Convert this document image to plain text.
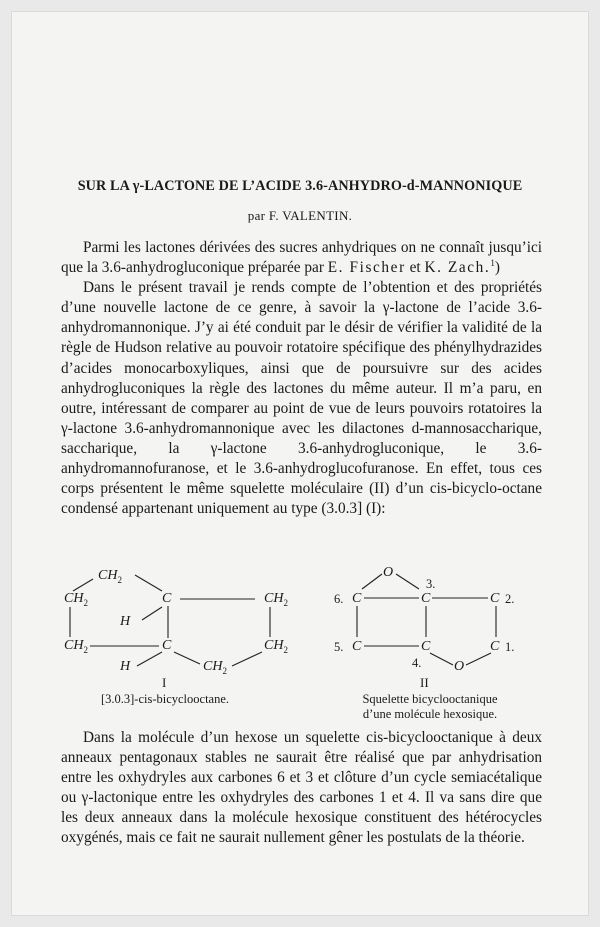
SUR LA γ-LACTONE DE L’ACIDE 3.6-ANHYDRO-d-MANNONIQUE
par F. VALENTIN.

Parmi les lactones dérivées des sucres anhydriques on ne connaît jusqu’ici que la 3.6-anhydrogluconique préparée par E. Fischer et K. Zach.$^1$)

Dans le présent travail je rends compte de l’obtention et des propriétés d’une nouvelle lactone de ce genre, à savoir la γ-lactone de l’acide 3.6-anhydromannonique. J’y ai été conduit par le désir de vérifier la validité de la règle de Hudson relative au pouvoir rotatoire spécifique des phénylhydrazides d’acides monocarboxyliques, ainsi que de poursuivre sur des acides anhydrogluconiques la règle des lactones du même auteur. Il m’a paru, en outre, intéressant de comparer au point de vue de leurs pouvoirs rotatoires la γ-lactone 3.6-anhydromannonique avec les dilactones d-mannosaccharique, saccharique, la γ-lactone 3.6-anhydrogluconique, le 3.6-anhydromannofuranose, et le 3.6-anhydroglucofuranose. En effet, tous ces corps présentent le même squelette moléculaire (II) d’un cis-bicyclo-octane condensé appartenant uniquement au type (3.0.3] (I):

$CH_2$
$CH_2$	C	$CH_2$
H
$CH_2$	C	$CH_2$
H	$CH_2$
I
[3.0.3]-cis-bicyclooctane.
O
3.
6. C	C	C 2.
5. C	C	C 1.
4. O
II
Squelette bicyclooctanique
d’une molécule hexosique.

Dans la molécule d’un hexose un squelette cis-bicyclooctanique à deux anneaux pentagonaux stables ne saurait être réalisé que par anhydrisation entre les oxhydryles aux carbones 6 et 3 et clôture d’un cycle semiacétalique ou γ-lactonique entre les oxhydryles des carbones 1 et 4. Il va sans dire que les deux anneaux dans la molécule hexosique constituent des hétérocycles oxygénés, mais ce fait ne saurait nullement gêner les postulats de la théorie.
